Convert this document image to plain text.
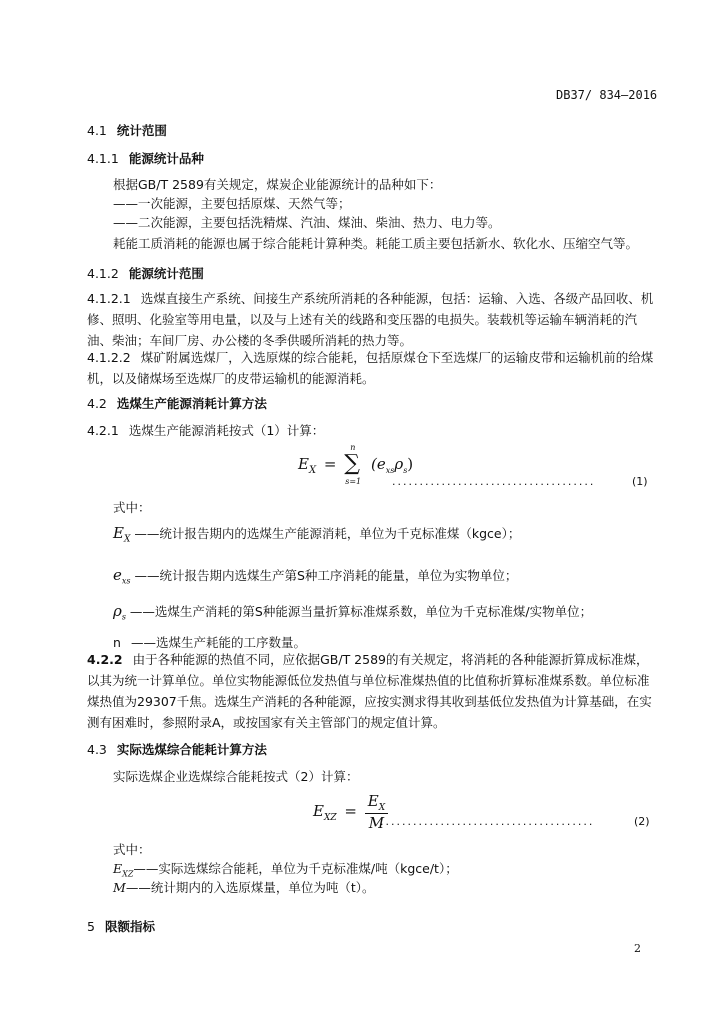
DB37/ 834—2016
4.1 统计范围
4.1.1 能源统计品种
根据GB/T 2589有关规定，煤炭企业能源统计的品种如下：
——一次能源，主要包括原煤、天然气等；
——二次能源，主要包括洗精煤、汽油、煤油、柴油、热力、电力等。
耗能工质消耗的能源也属于综合能耗计算种类。耗能工质主要包括新水、软化水、压缩空气等。
4.1.2 能源统计范围
4.1.2.1 选煤直接生产系统、间接生产系统所消耗的各种能源，包括：运输、入选、各级产品回收、机修、照明、化验室等用电量，以及与上述有关的线路和变压器的电损失。装载机等运输车辆消耗的汽油、柴油；车间厂房、办公楼的冬季供暖所消耗的热力等。
4.1.2.2 煤矿附属选煤厂，入选原煤的综合能耗，包括原煤仓下至选煤厂的运输皮带和运输机前的给煤机，以及储煤场至选煤厂的皮带运输机的能源消耗。
4.2 选煤生产能源消耗计算方法
4.2.1 选煤生产能源消耗按式（1）计算：
$E_X$ =
n
∑
s=1
$(e_{xs}\rho_s)$
.....................................	(1)
式中：
$E_X$ ——统计报告期内的选煤生产能源消耗，单位为千克标准煤（kgce）；
$e_{xs}$ ——统计报告期内选煤生产第S种工序消耗的能量，单位为实物单位；
$\rho_s$ ——选煤生产消耗的第S种能源当量折算标准煤系数，单位为千克标准煤/实物单位；
n ——选煤生产耗能的工序数量。
4.2.2 由于各种能源的热值不同，应依据GB/T 2589的有关规定，将消耗的各种能源折算成标准煤，以其为统一计算单位。单位实物能源低位发热值与单位标准煤热值的比值称折算标准煤系数。单位标准煤热值为29307千焦。选煤生产消耗的各种能源，应按实测求得其收到基低位发热值为计算基础，在实测有困难时，参照附录A，或按国家有关主管部门的规定值计算。
4.3 实际选煤综合能耗计算方法
实际选煤企业选煤综合能耗按式（2）计算：
$E_{XZ} = \frac{E_X}{M}$
.......................................	(2)
式中：
$E_{XZ}——$实际选煤综合能耗，单位为千克标准煤/吨（kgce/t）；
M——统计期内的入选原煤量，单位为吨（t）。
5 限额指标
2
